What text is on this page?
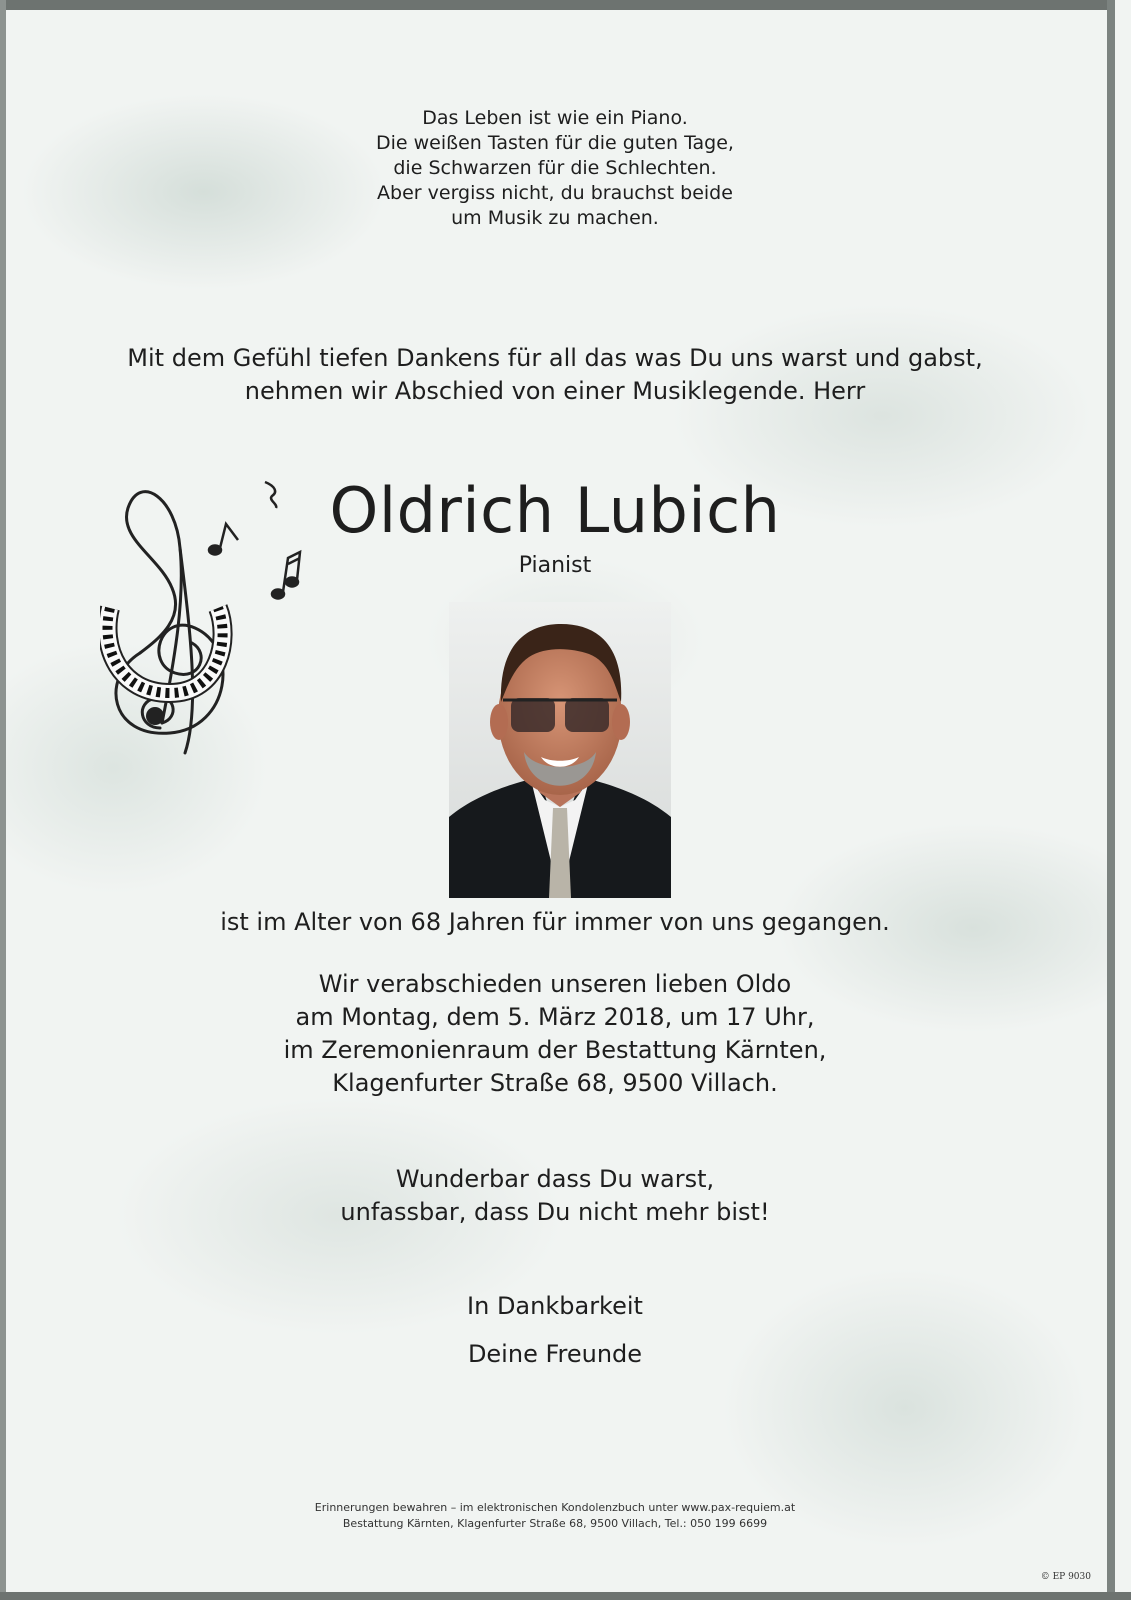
Das Leben ist wie ein Piano.
Die weißen Tasten für die guten Tage,
die Schwarzen für die Schlechten.
Aber vergiss nicht, du brauchst beide
um Musik zu machen.
Mit dem Gefühl tiefen Dankens für all das was Du uns warst und gabst,
nehmen wir Abschied von einer Musiklegende. Herr
Oldrich Lubich
Pianist
ist im Alter von 68 Jahren für immer von uns gegangen.
Wir verabschieden unseren lieben Oldo
am Montag, dem 5. März 2018, um 17 Uhr,
im Zeremonienraum der Bestattung Kärnten,
Klagenfurter Straße 68, 9500 Villach.
Wunderbar dass Du warst,
unfassbar, dass Du nicht mehr bist!
In Dankbarkeit
Deine Freunde
Erinnerungen bewahren – im elektronischen Kondolenzbuch unter www.pax-requiem.at
Bestattung Kärnten, Klagenfurter Straße 68, 9500 Villach, Tel.: 050 199 6699
© EP 9030
